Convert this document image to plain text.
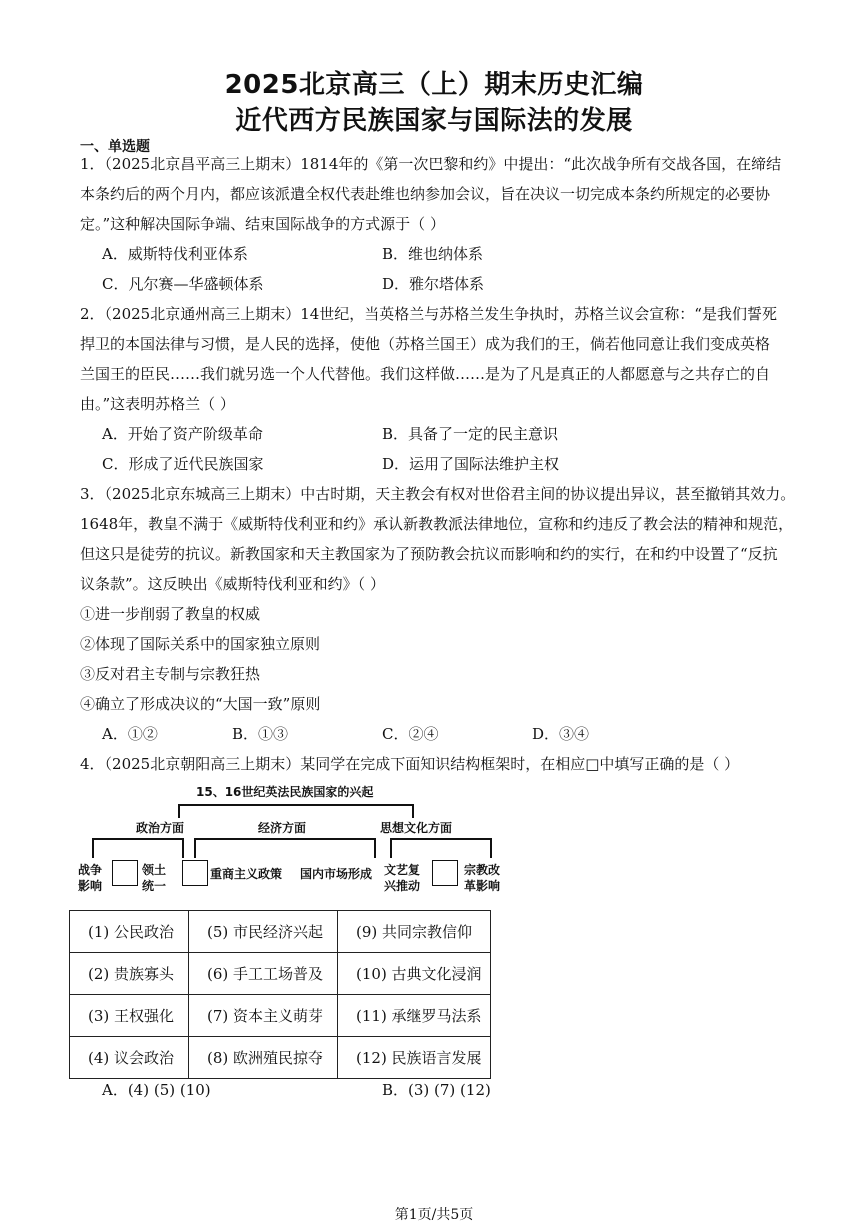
2025北京高三（上）期末历史汇编
近代西方民族国家与国际法的发展
一、单选题
1．（2025北京昌平高三上期末）1814年的《第一次巴黎和约》中提出：“此次战争所有交战各国，在缔结
本条约后的两个月内，都应该派遣全权代表赴维也纳参加会议，旨在决议一切完成本条约所规定的必要协
定。”这种解决国际争端、结束国际战争的方式源于（ ）
A．威斯特伐利亚体系	B．维也纳体系
C．凡尔赛—华盛顿体系	D．雅尔塔体系
2．（2025北京通州高三上期末）14世纪，当英格兰与苏格兰发生争执时，苏格兰议会宣称：“是我们誓死
捍卫的本国法律与习惯，是人民的选择，使他（苏格兰国王）成为我们的王，倘若他同意让我们变成英格
兰国王的臣民……我们就另选一个人代替他。我们这样做……是为了凡是真正的人都愿意与之共存亡的自
由。”这表明苏格兰（ ）
A．开始了资产阶级革命	B．具备了一定的民主意识
C．形成了近代民族国家	D．运用了国际法维护主权
3．（2025北京东城高三上期末）中古时期，天主教会有权对世俗君主间的协议提出异议，甚至撤销其效力。
1648年，教皇不满于《威斯特伐利亚和约》承认新教教派法律地位，宣称和约违反了教会法的精神和规范，
但这只是徒劳的抗议。新教国家和天主教国家为了预防教会抗议而影响和约的实行，在和约中设置了“反抗
议条款”。这反映出《威斯特伐利亚和约》（ ）
①进一步削弱了教皇的权威
②体现了国际关系中的国家独立原则
③反对君主专制与宗教狂热
④确立了形成决议的“大国一致”原则
A．①②	B．①③	C．②④	D．③④
4．（2025北京朝阳高三上期末）某同学在完成下面知识结构框架时，在相应□中填写正确的是（ ）
15、16世纪英法民族国家的兴起
政治方面	经济方面	思想文化方面
战争
影响
领土
统一
重商主义政策 国内市场形成 文艺复
兴推动
宗教改
革影响
(1) 公民政治	(5) 市民经济兴起	(9) 共同宗教信仰
(2) 贵族寡头	(6) 手工工场普及	(10) 古典文化浸润
(3) 王权强化	(7) 资本主义萌芽	(11) 承继罗马法系
(4) 议会政治	(8) 欧洲殖民掠夺	(12) 民族语言发展
A．(4) (5) (10)	B．(3) (7) (12)
第1页/共5页
